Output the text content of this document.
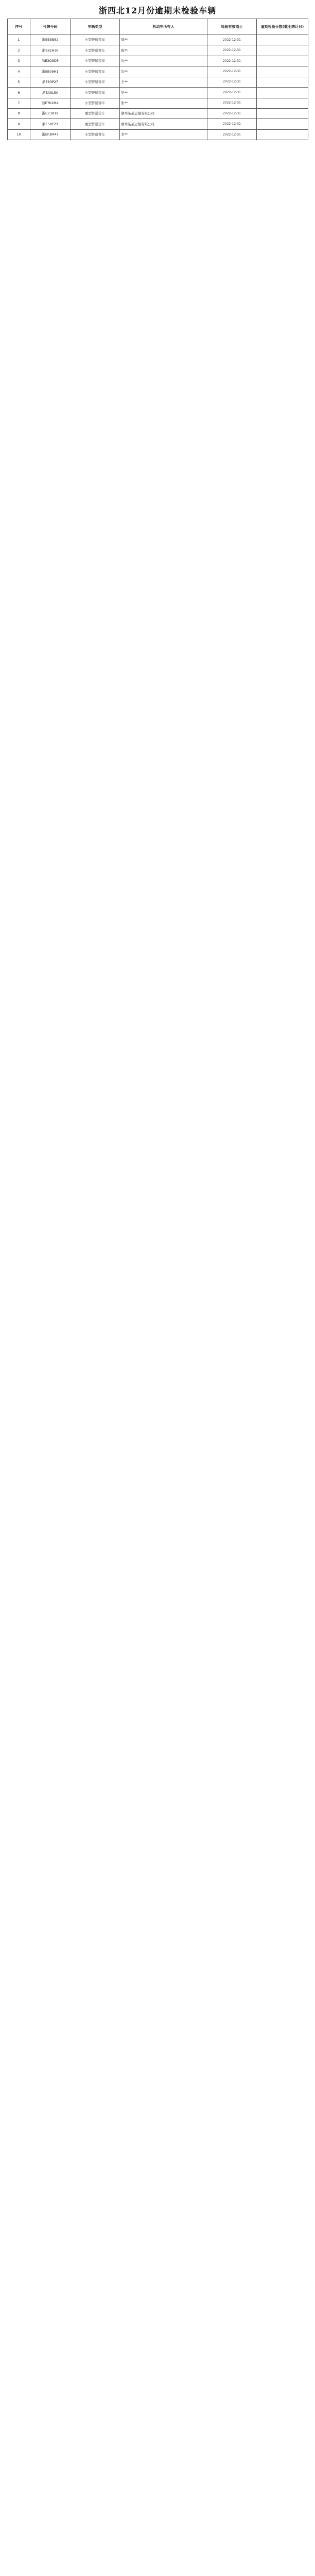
浙西北12月份逾期未检验车辆
序号	号牌号码	车辆类型	机动车所有人	检验有效期止	逾期检验天数(截至统计日)
1	浙EB5B82	小型普通客车	周**	2022-12-31	
2	浙E82A16	小型普通客车	陈**	2022-12-31	
3	浙E3Q8D5	小型普通客车	沈**	2022-12-31	
4	浙EB09H1	小型普通客车	沈**	2022-12-31	
5	浙E83P27	小型普通客车	王**	2022-12-31	
6	浙EA9L50	小型普通客车	吴**	2022-12-31	
7	浙E7K2M4	小型普通客车	张**	2022-12-31	
8	浙EZ3R19	重型普通货车	湖州某某运输有限公司	2022-12-31	
9	浙E59F23	重型普通货车	湖州某某运输有限公司	2022-12-31	
10	浙EF3M47	小型普通客车	李**	2022-12-31	
